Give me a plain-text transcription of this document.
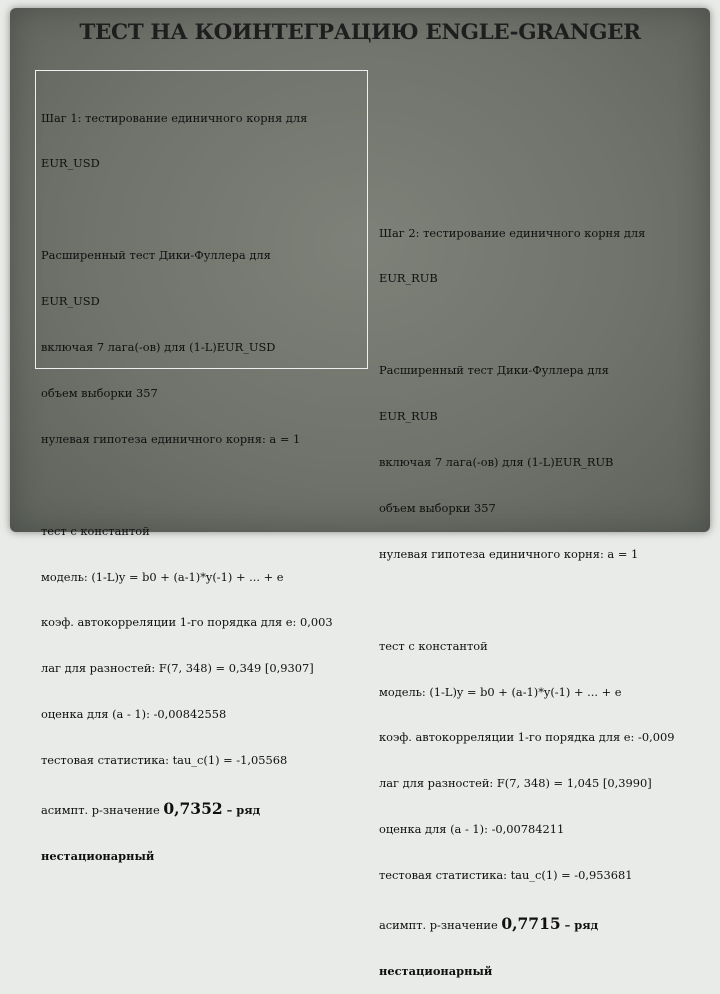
ТЕСТ НА КОИНТЕГРАЦИЮ ENGLE-GRANGER

Шаг 1: тестирование единичного корня для

EUR_USD

Расширенный тест Дики-Фуллера для

EUR_USD

включая 7 лага(-ов) для (1-L)EUR_USD

объем выборки 357

нулевая гипотеза единичного корня: a = 1

тест с константой

модель: (1-L)y = b0 + (a-1)*y(-1) + ... + e

коэф. автокорреляции 1-го порядка для e: 0,003

лаг для разностей: F(7, 348) = 0,349 [0,9307]

оценка для (a - 1): -0,00842558

тестовая статистика: tau_c(1) = -1,05568

асимпт. р-значение 0,7352 – ряд

нестационарный

Шаг 2: тестирование единичного корня для

EUR_RUB

Расширенный тест Дики-Фуллера для

EUR_RUB

включая 7 лага(-ов) для (1-L)EUR_RUB

объем выборки 357

нулевая гипотеза единичного корня: a = 1

тест с константой

модель: (1-L)y = b0 + (a-1)*y(-1) + ... + e

коэф. автокорреляции 1-го порядка для e: -0,009

лаг для разностей: F(7, 348) = 1,045 [0,3990]

оценка для (a - 1): -0,00784211

тестовая статистика: tau_c(1) = -0,953681

асимпт. р-значение 0,7715 – ряд

нестационарный
